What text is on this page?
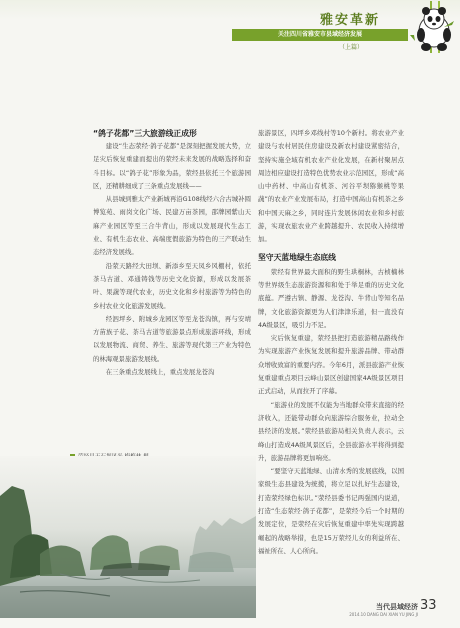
雅安革新
关注四川省雅安市县域经济发展
（上篇）
“鸽子花都”三大旅游线正成形

建设“生态荥经·鸽子花都”是深刻把握发展大势，立足灾后恢复重建而提出的荥经未来发展的战略选择和奋斗目标。以“鸽子花”形象为品，荥经县依托三个旅游园区，还精耕细成了三条重点发展线——

从县城到雅太产业新城再沿G108线经六合古城补圆博览苑、雨岗文化广场、民建万亩茶园，邵牌园紫山天麻产业园区等至三合牛背山，形成以发展现代生态工业、有机生态农业、高端度假旅游为特色的三产联动生态经济发展线。

沿荥天路经大田坝、新添乡至天凤乡风棚村，依托茶马古道、邓通铸钱等历史文化资源，形成以发展茶叶、果蔬等现代农业，历史文化和乡村旅游等为特色的乡村农业文化旅游发展线。

经泗坪乡、附城乡龙园区等至龙苍沟镇，再与安靖方苗族子花、茶马古道等旅游景点形成旅游环线，形成以发展物流、商贸、养生、旅游等现代第三产业为特色的林海观景旅游发展线。

在三条重点发展线上，重点发展龙苍沟

旅游景区，四坪乡邓线村等10个新村。将农业产业建设与农村居民住房建设及新农村建设紧密结合，坚持实施全域有机农业产业化发展，在新村聚居点周边相应建设打造特色优势农业示范园区，形成“高山中药材、中高山有机茶、河谷平坝猕猴桃等果蔬”的农业产业发展布局，打造中国高山有机茶之乡和中国天麻之乡，同时连片发展休闲农业和乡村旅游，实现农旅农业产业跨越提升、农民收入持续增加。

坚守天蓝地绿生态底线

荥经有世界最大面积的野生珙桐林，古桢楠林等世界级生态旅游资源和和处于举足重的历史文化底蕴。严遵古镇、静源、龙苍沟、牛背山等知名品牌，文化旅游资源更为人们津津乐道，但一直没有4A级景区，吸引力不足。

灾后恢复重建，荥经县把打造旅游精品路线作为实现旅游产业恢复发展和提升旅游品牌、带动群众增收致富的重要内容。今年6月，派县旅游产业恢复重建重点项目云峰山景区创建国家4A级景区项目正式启动，从而拉开了序幕。

“旅游业的发展不仅能为当地群众带来直接的经济收入，还能带动群众向旅游综合服务业，拉动全县经济的发展。”荥经县旅游局相关负责人表示，云峰山打造成4A级风景区后，全县旅游水平将得到提升，旅游品牌将更加响亮。

“要坚守天蓝地绿、山清水秀的发展底线，以国家级生态县建设为统揽，将立足以扎好生态建设，打造荥经绿色标识。”荥经县委书记两强国内说道，打造“生态荥经·鸽子花都”，是荥经今后一个时期的发展定位，是荥经在灾后恢复重建中率先实现跨越崛起的战略举措，也是15万荥经儿女的利益所在、福祉所在、人心所向。

当代县域经济
2014.10 DANG DAI XIAN YU JING JI
33
